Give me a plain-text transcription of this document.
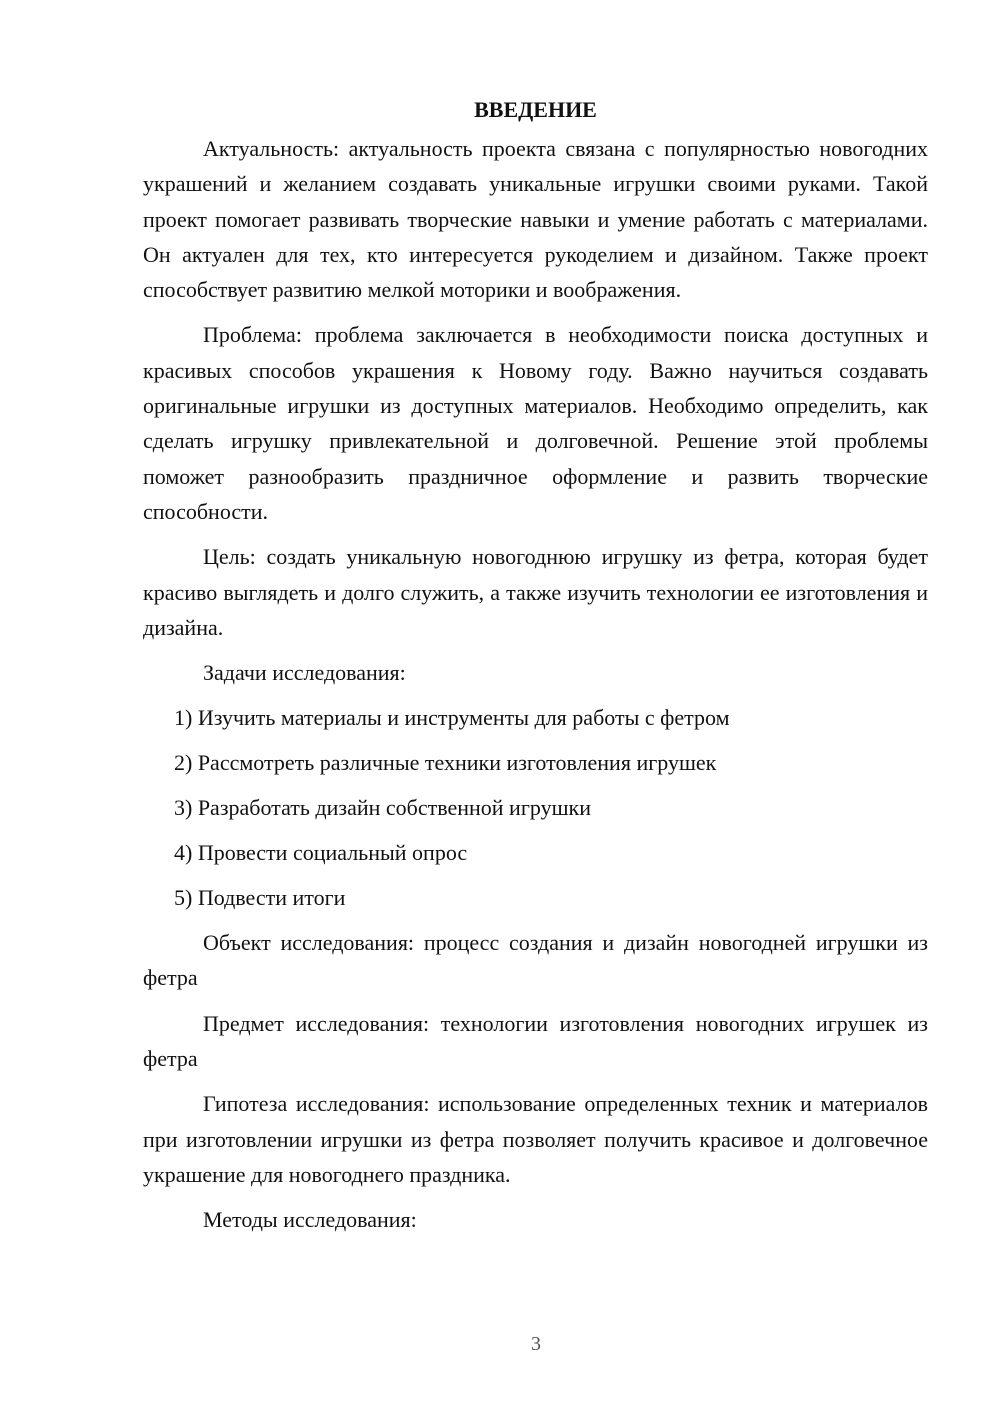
ВВЕДЕНИЕ

Актуальность: актуальность проекта связана с популярностью новогодних украшений и желанием создавать уникальные игрушки своими руками. Такой проект помогает развивать творческие навыки и умение работать с материалами. Он актуален для тех, кто интересуется рукоделием и дизайном. Также проект способствует развитию мелкой моторики и воображения.

Проблема: проблема заключается в необходимости поиска доступных и красивых способов украшения к Новому году. Важно научиться создавать оригинальные игрушки из доступных материалов. Необходимо определить, как сделать игрушку привлекательной и долговечной. Решение этой проблемы поможет разнообразить праздничное оформление и развить творческие способности.

Цель: создать уникальную новогоднюю игрушку из фетра, которая будет красиво выглядеть и долго служить, а также изучить технологии ее изготовления и дизайна.

Задачи исследования:

1) Изучить материалы и инструменты для работы с фетром
2) Рассмотреть различные техники изготовления игрушек
3) Разработать дизайн собственной игрушки
4) Провести социальный опрос
5) Подвести итоги

Объект исследования: процесс создания и дизайн новогодней игрушки из фетра

Предмет исследования: технологии изготовления новогодних игрушек из фетра

Гипотеза исследования: использование определенных техник и материалов при изготовлении игрушки из фетра позволяет получить красивое и долговечное украшение для новогоднего праздника.

Методы исследования:

3
